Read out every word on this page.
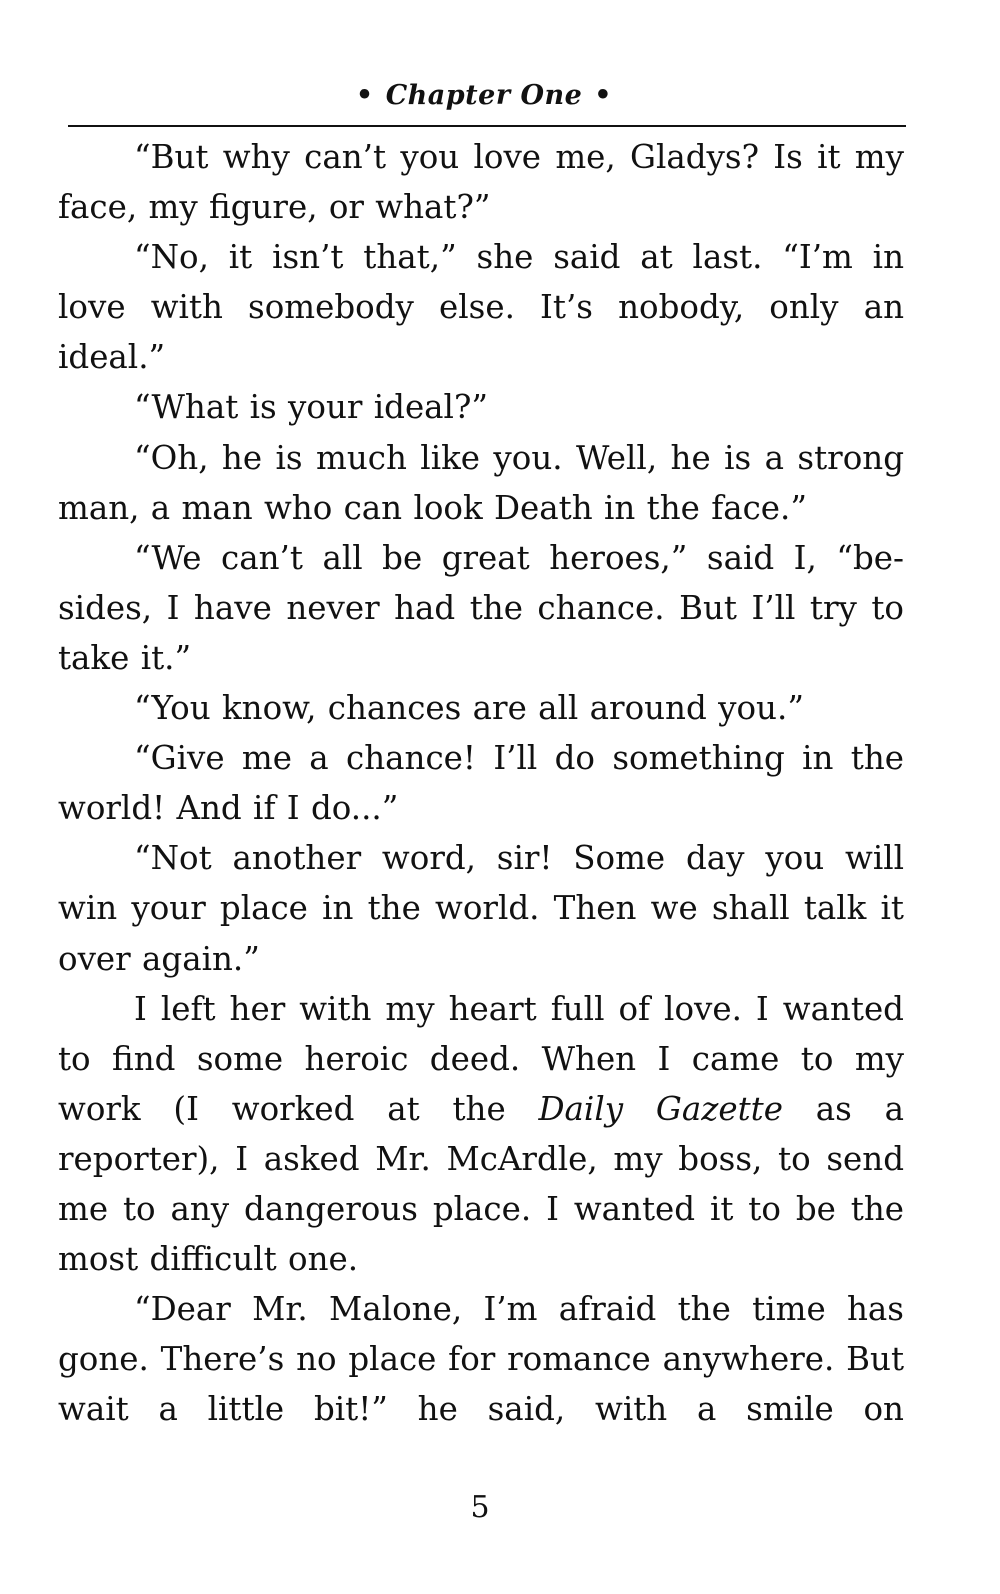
• Chapter One •

“But why can’t you love me, Gladys? Is it my face, my figure, or what?”

“No, it isn’t that,” she said at last. “I’m in love with somebody else. It’s nobody, only an ideal.”

“What is your ideal?”

“Oh, he is much like you. Well, he is a strong man, a man who can look Death in the face.”

“We can’t all be great heroes,” said I, “be-sides, I have never had the chance. But I’ll try to take it.”

“You know, chances are all around you.”

“Give me a chance! I’ll do something in the world! And if I do...”

“Not another word, sir! Some day you will win your place in the world. Then we shall talk it over again.”

I left her with my heart full of love. I wanted to find some heroic deed. When I came to my work (I worked at the Daily Gazette as a reporter), I asked Mr. McArdle, my boss, to send me to any dangerous place. I wanted it to be the most difficult one.

“Dear Mr. Malone, I’m afraid the time has gone. There’s no place for romance anywhere. But wait a little bit!” he said, with a smile on

5
